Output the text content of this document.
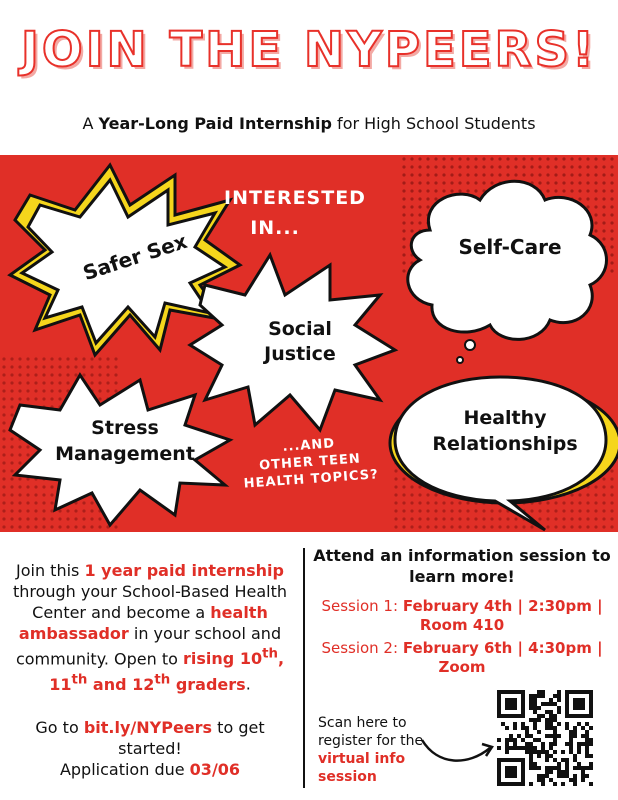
JOIN THE NYPEERS!
A Year-Long Paid Internship for High School Students
INTERESTED
IN...
Safer Sex	Self-Care
Social
Justice
Stress
Management
Healthy
Relationships
...AND
OTHER TEEN
HEALTH TOPICS?
Join this 1 year paid internship through your School-Based Health Center and become a health ambassador in your school and community. Open to rising 10th, 11th and 12th graders.
Go to bit.ly/NYPeers to get started!
Application due 03/06
Attend an information session to learn more!
Session 1: February 4th | 2:30pm | Room 410
Session 2: February 6th | 4:30pm | Zoom
Scan here to register for the virtual info session
